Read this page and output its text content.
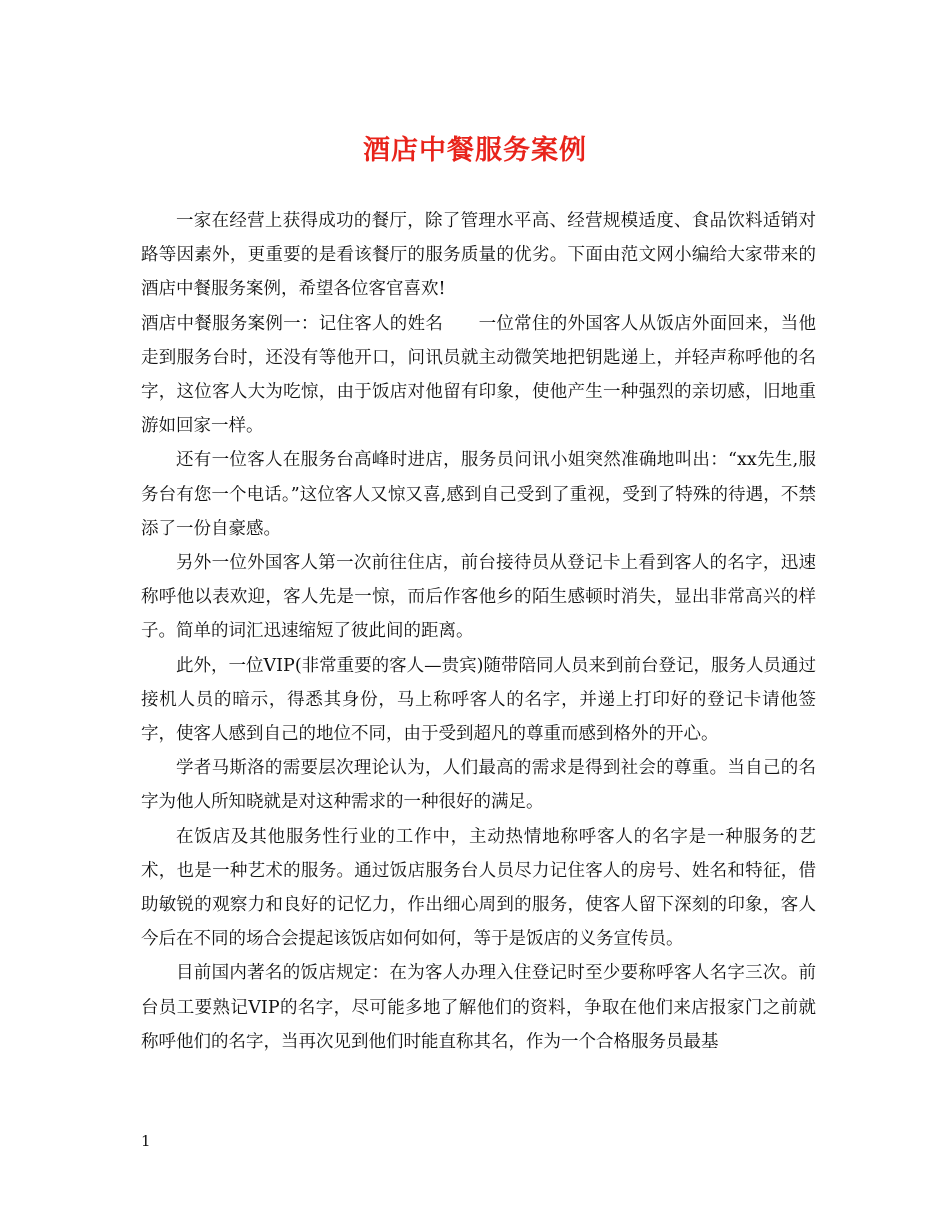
酒店中餐服务案例

一家在经营上获得成功的餐厅，除了管理水平高、经营规模适度、食品饮料适销对路等因素外，更重要的是看该餐厅的服务质量的优劣。下面由范文网小编给大家带来的酒店中餐服务案例，希望各位客官喜欢!

酒店中餐服务案例一：记住客人的姓名　　一位常住的外国客人从饭店外面回来，当他走到服务台时，还没有等他开口，问讯员就主动微笑地把钥匙递上，并轻声称呼他的名字，这位客人大为吃惊，由于饭店对他留有印象，使他产生一种强烈的亲切感，旧地重游如回家一样。

还有一位客人在服务台高峰时进店，服务员问讯小姐突然准确地叫出：“xx先生,服务台有您一个电话。”这位客人又惊又喜,感到自己受到了重视，受到了特殊的待遇，不禁添了一份自豪感。

另外一位外国客人第一次前往住店，前台接待员从登记卡上看到客人的名字，迅速称呼他以表欢迎，客人先是一惊，而后作客他乡的陌生感顿时消失，显出非常高兴的样子。简单的词汇迅速缩短了彼此间的距离。

此外，一位VIP(非常重要的客人—贵宾)随带陪同人员来到前台登记，服务人员通过接机人员的暗示，得悉其身份，马上称呼客人的名字，并递上打印好的登记卡请他签字，使客人感到自己的地位不同，由于受到超凡的尊重而感到格外的开心。

学者马斯洛的需要层次理论认为，人们最高的需求是得到社会的尊重。当自己的名字为他人所知晓就是对这种需求的一种很好的满足。

在饭店及其他服务性行业的工作中，主动热情地称呼客人的名字是一种服务的艺术，也是一种艺术的服务。通过饭店服务台人员尽力记住客人的房号、姓名和特征，借助敏锐的观察力和良好的记忆力，作出细心周到的服务，使客人留下深刻的印象，客人今后在不同的场合会提起该饭店如何如何，等于是饭店的义务宣传员。

目前国内著名的饭店规定：在为客人办理入住登记时至少要称呼客人名字三次。前台员工要熟记VIP的名字，尽可能多地了解他们的资料，争取在他们来店报家门之前就称呼他们的名字，当再次见到他们时能直称其名，作为一个合格服务员最基

1
